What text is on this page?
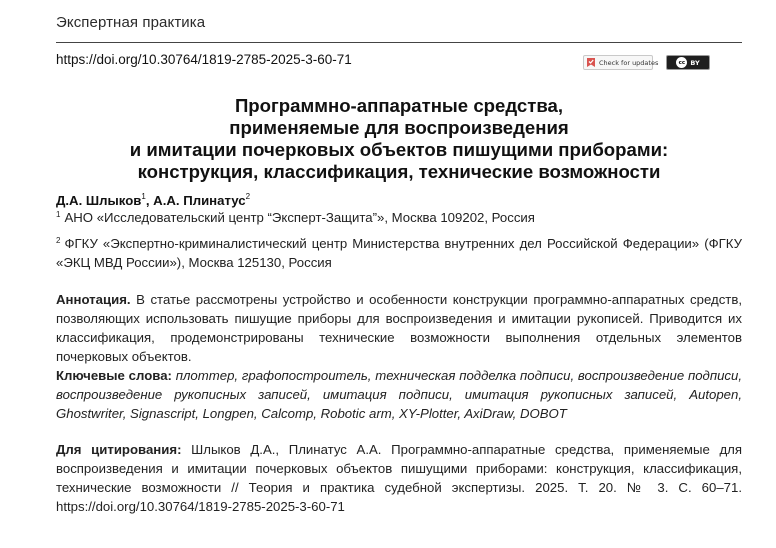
Экспертная практика
https://doi.org/10.30764/1819-2785-2025-3-60-71	Check for updates	cc BY
Программно-аппаратные средства,
применяемые для воспроизведения
и имитации почерковых объектов пишущими приборами:
конструкция, классификация, технические возможности
Д.А. Шлыков$^1$, А.А. Плинатус$^2$
$^1$ АНО «Исследовательский центр “Эксперт-Защита”», Москва 109202, Россия
$^2$ ФГКУ «Экспертно-криминалистический центр Министерства внутренних дел Российской Федерации» (ФГКУ «ЭКЦ МВД России»), Москва 125130, Россия
Аннотация. В статье рассмотрены устройство и особенности конструкции программно-аппаратных средств, позволяющих использовать пишущие приборы для воспроизведения и имитации рукописей. Приводится их классификация, продемонстрированы технические возможности выполнения отдельных элементов почерковых объектов.
Ключевые слова: плоттер, графопостроитель, техническая подделка подписи, воспроизведение подписи, воспроизведение рукописных записей, имитация подписи, имитация рукописных записей, Autopen, Ghostwriter, Signascript, Longpen, Calcomp, Robotic arm, XY-Plotter, AxiDraw, DOBOT
Для цитирования: Шлыков Д.А., Плинатус А.А. Программно-аппаратные средства, применяемые для воспроизведения и имитации почерковых объектов пишущими приборами: конструкция, классификация, технические возможности // Теория и практика судебной экспертизы. 2025. Т. 20. № 3. С. 60–71. https://doi.org/10.30764/1819-2785-2025-3-60-71
